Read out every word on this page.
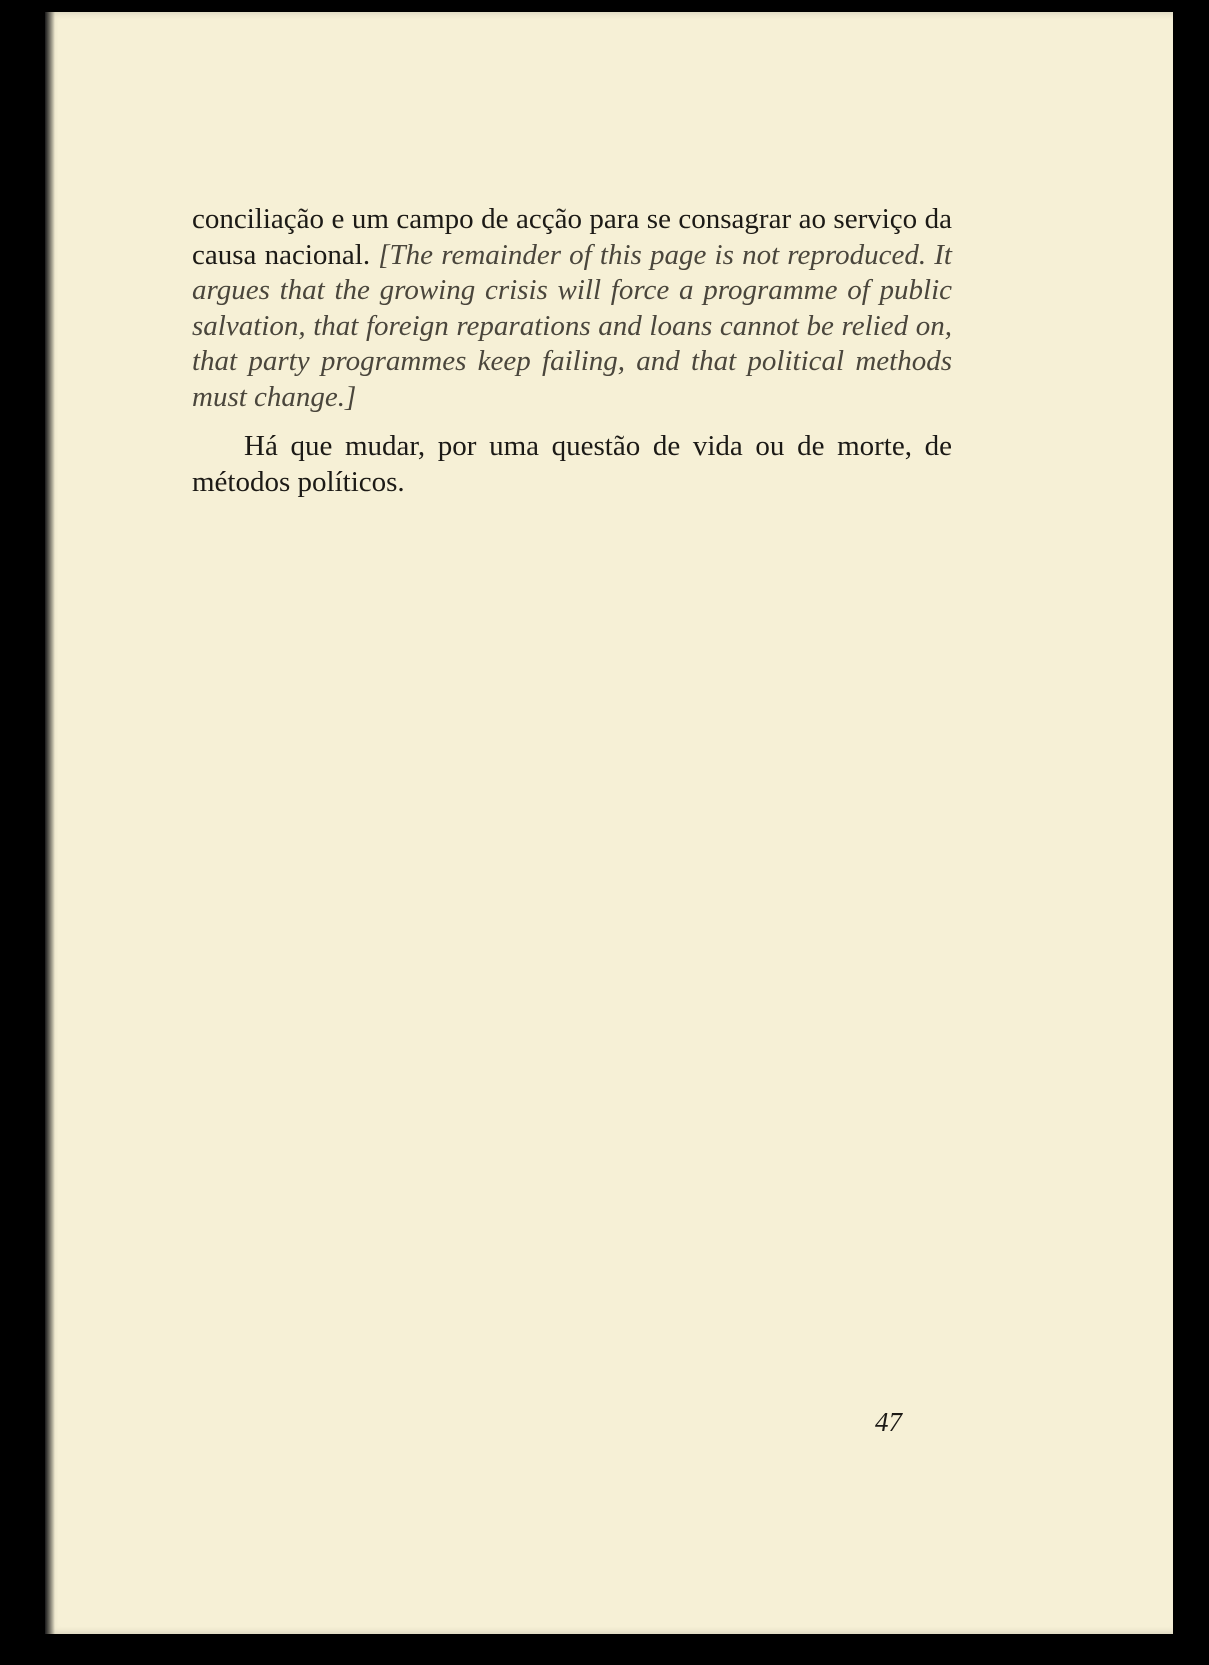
conciliação e um campo de acção para se consagrar ao serviço da causa nacional. [The remainder of this page is not reproduced. It argues that the growing crisis will force a programme of public salvation, that foreign reparations and loans cannot be relied on, that party programmes keep failing, and that political methods must change.]

Há que mudar, por uma questão de vida ou de morte, de métodos políticos.

47
